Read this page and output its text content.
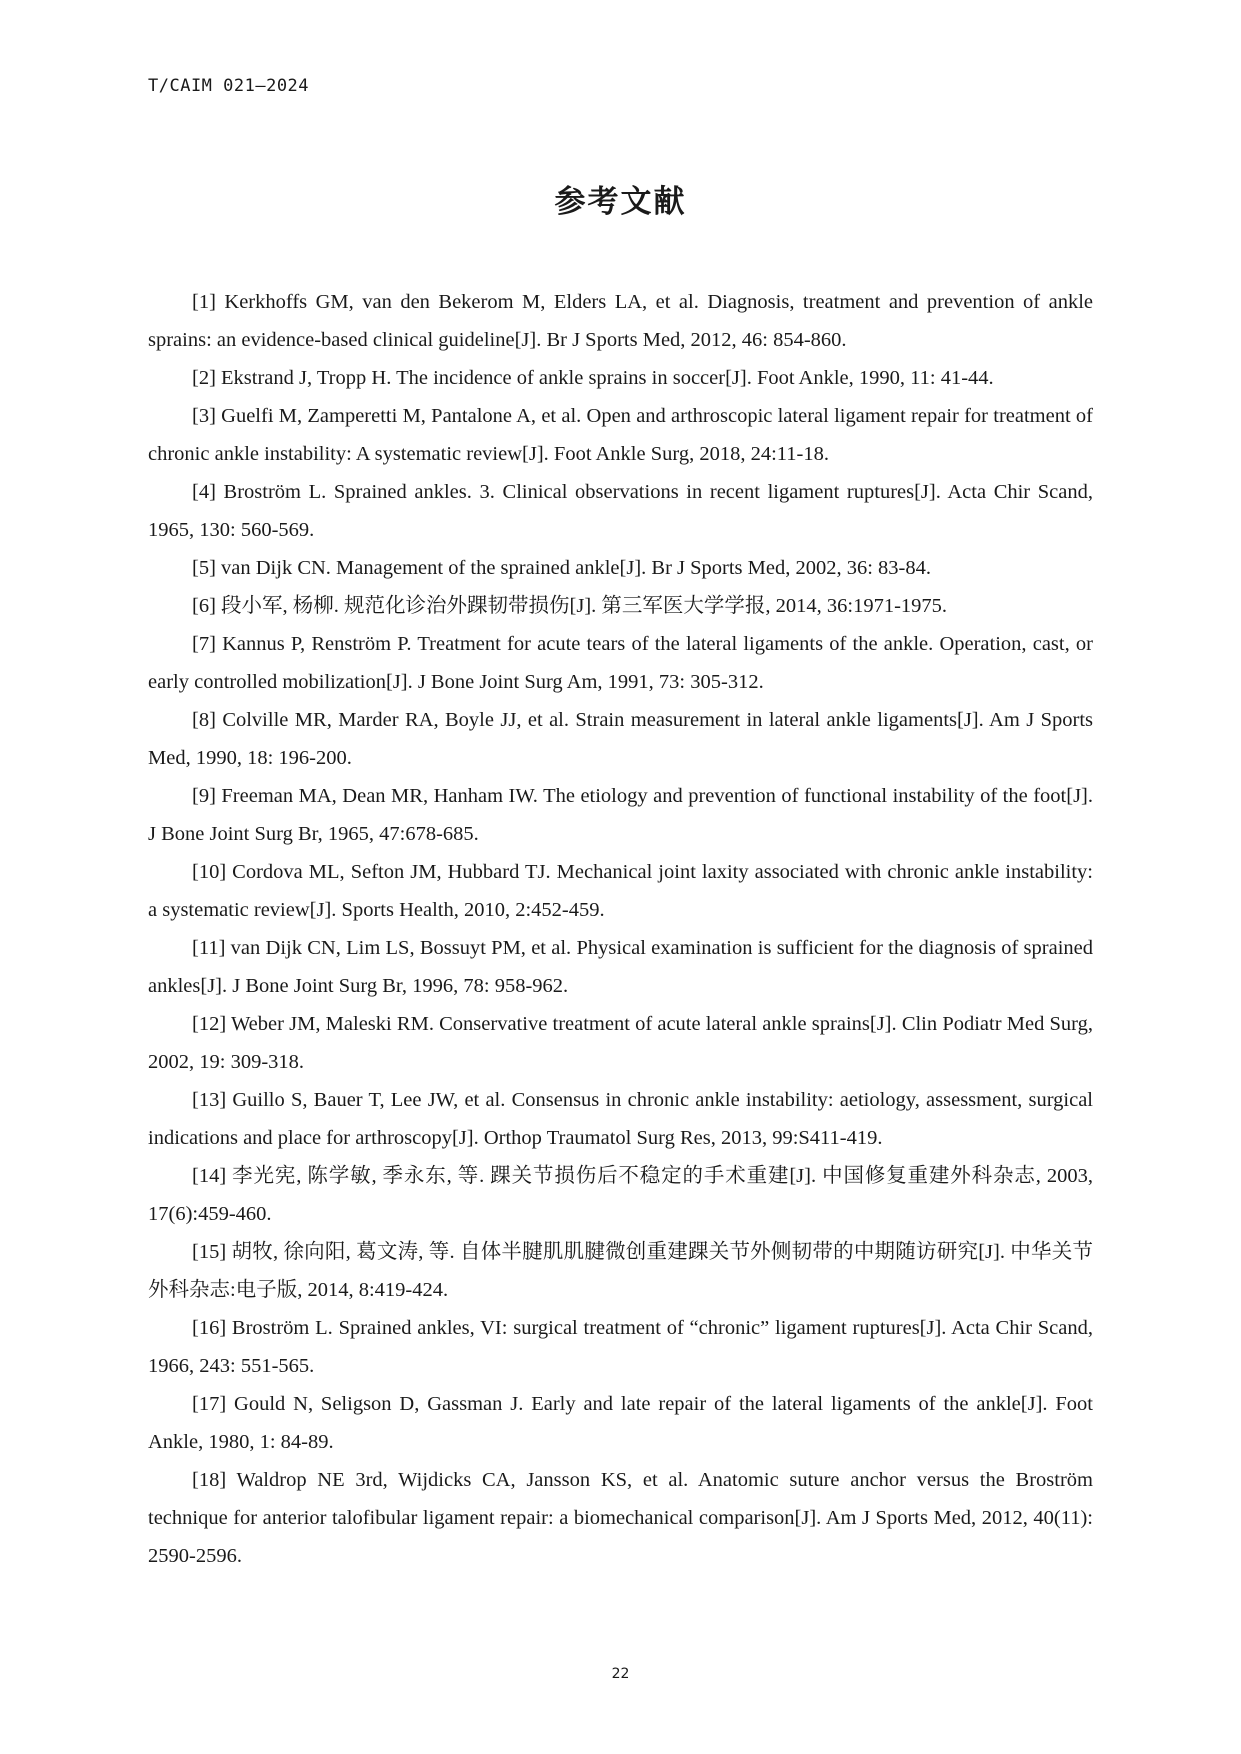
T/CAIM 021—2024
参考文献
[1] Kerkhoffs GM, van den Bekerom M, Elders LA, et al. Diagnosis, treatment and prevention of ankle sprains: an evidence-based clinical guideline[J]. Br J Sports Med, 2012, 46: 854-860.
[2] Ekstrand J, Tropp H. The incidence of ankle sprains in soccer[J]. Foot Ankle, 1990, 11: 41-44.
[3] Guelfi M, Zamperetti M, Pantalone A, et al. Open and arthroscopic lateral ligament repair for treatment of chronic ankle instability: A systematic review[J]. Foot Ankle Surg, 2018, 24:11-18.
[4] Broström L. Sprained ankles. 3. Clinical observations in recent ligament ruptures[J]. Acta Chir Scand, 1965, 130: 560-569.
[5] van Dijk CN. Management of the sprained ankle[J]. Br J Sports Med, 2002, 36: 83-84.
[6] 段小军, 杨柳. 规范化诊治外踝韧带损伤[J]. 第三军医大学学报, 2014, 36:1971-1975.
[7] Kannus P, Renström P. Treatment for acute tears of the lateral ligaments of the ankle. Operation, cast, or early controlled mobilization[J]. J Bone Joint Surg Am, 1991, 73: 305-312.
[8] Colville MR, Marder RA, Boyle JJ, et al. Strain measurement in lateral ankle ligaments[J]. Am J Sports Med, 1990, 18: 196-200.
[9] Freeman MA, Dean MR, Hanham IW. The etiology and prevention of functional instability of the foot[J]. J Bone Joint Surg Br, 1965, 47:678-685.
[10] Cordova ML, Sefton JM, Hubbard TJ. Mechanical joint laxity associated with chronic ankle instability: a systematic review[J]. Sports Health, 2010, 2:452-459.
[11] van Dijk CN, Lim LS, Bossuyt PM, et al. Physical examination is sufficient for the diagnosis of sprained ankles[J]. J Bone Joint Surg Br, 1996, 78: 958-962.
[12] Weber JM, Maleski RM. Conservative treatment of acute lateral ankle sprains[J]. Clin Podiatr Med Surg, 2002, 19: 309-318.
[13] Guillo S, Bauer T, Lee JW, et al. Consensus in chronic ankle instability: aetiology, assessment, surgical indications and place for arthroscopy[J]. Orthop Traumatol Surg Res, 2013, 99:S411-419.
[14] 李光宪, 陈学敏, 季永东, 等. 踝关节损伤后不稳定的手术重建[J]. 中国修复重建外科杂志, 2003, 17(6):459-460.
[15] 胡牧, 徐向阳, 葛文涛, 等. 自体半腱肌肌腱微创重建踝关节外侧韧带的中期随访研究[J]. 中华关节外科杂志:电子版, 2014, 8:419-424.
[16] Broström L. Sprained ankles, VI: surgical treatment of “chronic” ligament ruptures[J]. Acta Chir Scand, 1966, 243: 551-565.
[17] Gould N, Seligson D, Gassman J. Early and late repair of the lateral ligaments of the ankle[J]. Foot Ankle, 1980, 1: 84-89.
[18] Waldrop NE 3rd, Wijdicks CA, Jansson KS, et al. Anatomic suture anchor versus the Broström technique for anterior talofibular ligament repair: a biomechanical comparison[J]. Am J Sports Med, 2012, 40(11): 2590-2596.
22
